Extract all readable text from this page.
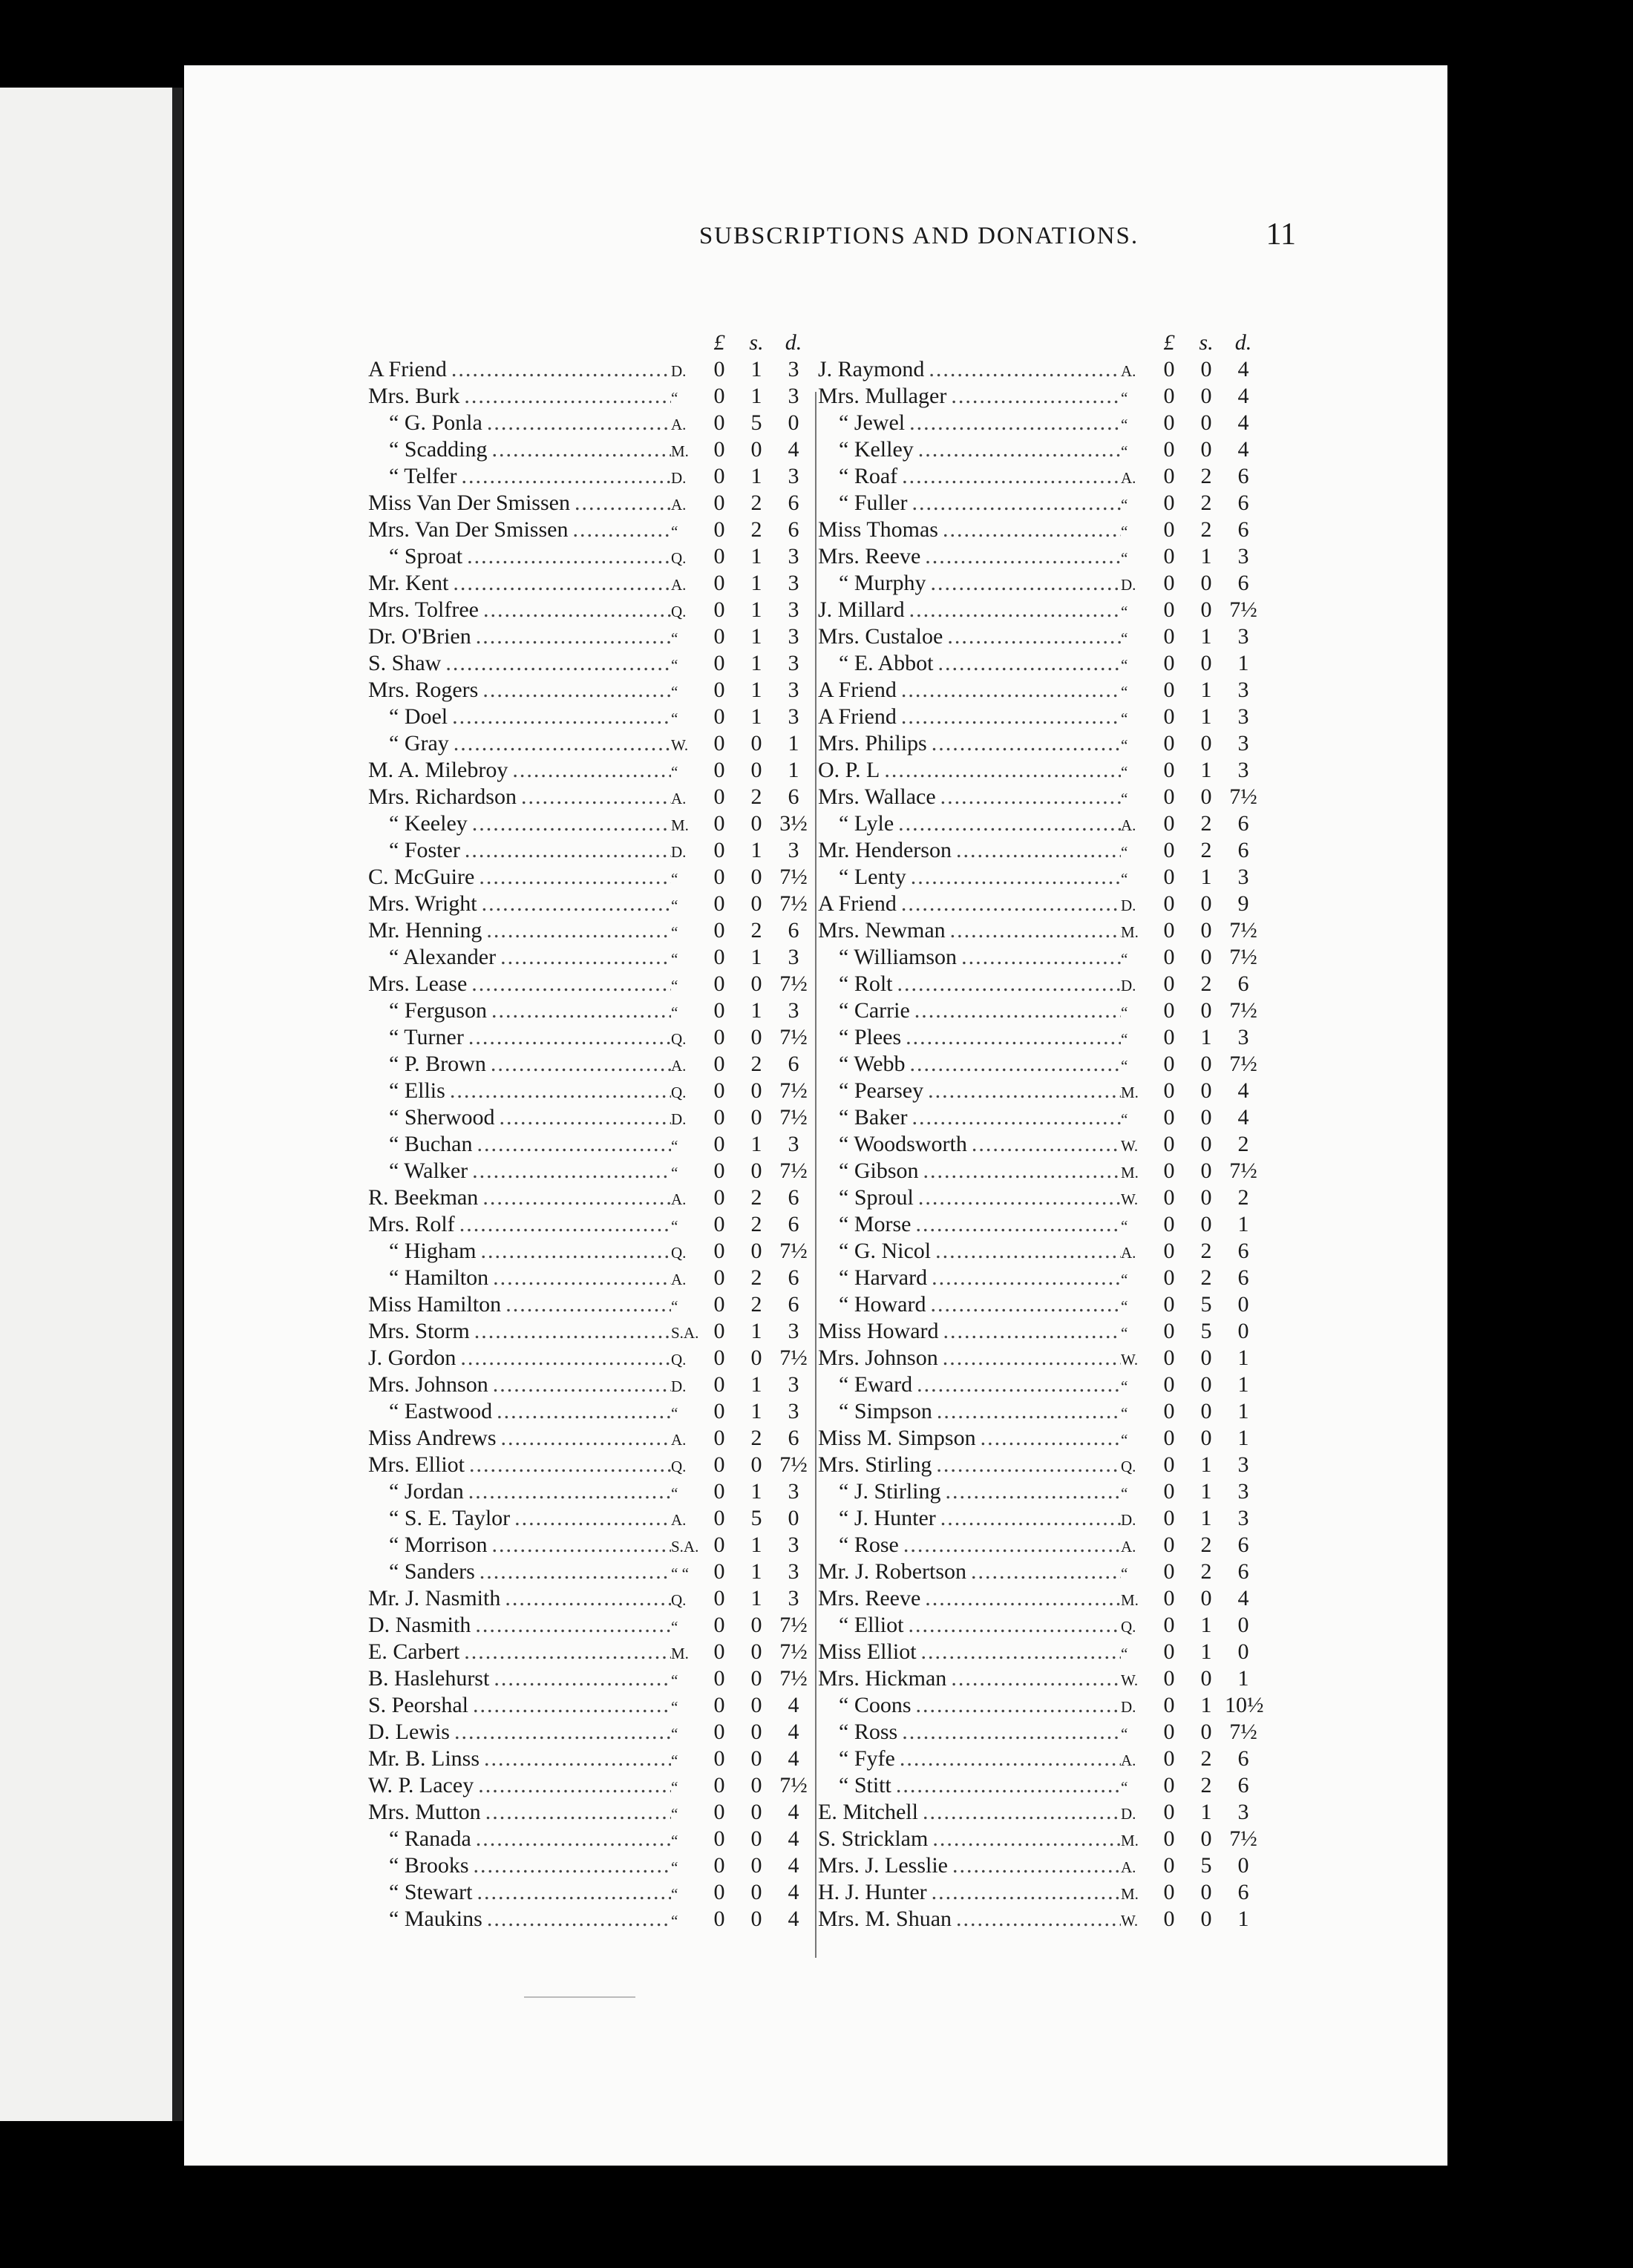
SUBSCRIPTIONS AND DONATIONS.	11
£	s. d.
A Friend .....	D.	0	1	3
Mrs. Burk .....	“	0	1	3
“ G. Ponla .....	A.	0	5	0
“ Scadding .....	M.	0	0	4
“ Telfer .....	D.	0	1	3
Miss Van Der Smissen .....	A.	0	2	6
Mrs. Van Der Smissen .....	“	0	2	6
“ Sproat .....	Q.	0	1	3
Mr. Kent .....	A.	0	1	3
Mrs. Tolfree .....	Q.	0	1	3
Dr. O'Brien .....	“	0	1	3
S. Shaw .....	“	0	1	3
Mrs. Rogers .....	“	0	1	3
“ Doel .....	“	0	1	3
“ Gray .....	W.	0	0	1
M. A. Milebroy .....	“	0	0	1
Mrs. Richardson .....	A.	0	2	6
“ Keeley .....	M.	0	0 3½
“ Foster .....	D.	0	1	3
C. McGuire .....	“	0	0 7½
Mrs. Wright .....	“	0	0 7½
Mr. Henning .....	“	0	2	6
“ Alexander .....	“	0	1	3
Mrs. Lease .....	“	0	0 7½
“ Ferguson .....	“	0	1	3
“ Turner .....	Q.	0	0 7½
“ P. Brown .....	A.	0	2	6
“ Ellis .....	Q.	0	0 7½
“ Sherwood .....	D.	0	0 7½
“ Buchan .....	“	0	1	3
“ Walker .....	“	0	0 7½
R. Beekman .....	A.	0	2	6
Mrs. Rolf .....	“	0	2	6
“ Higham .....	Q.	0	0 7½
“ Hamilton .....	A.	0	2	6
Miss Hamilton .....	“	0	2	6
Mrs. Storm .....	S.A. 0	1	3
J. Gordon .....	Q.	0	0 7½
Mrs. Johnson .....	D.	0	1	3
“ Eastwood .....	“	0	1	3
Miss Andrews .....	A.	0	2	6
Mrs. Elliot .....	Q.	0	0 7½
“ Jordan .....	“	0	1	3
“ S. E. Taylor .....	A.	0	5	0
“ Morrison .....	S.A. 0	1	3
“ Sanders .....	“ “	0	1	3
Mr. J. Nasmith .....	Q.	0	1	3
D. Nasmith .....	“	0	0 7½
E. Carbert .....	M.	0	0 7½
B. Haslehurst .....	“	0	0 7½
S. Peorshal .....	“	0	0	4
D. Lewis .....	“	0	0	4
Mr. B. Linss .....	“	0	0	4
W. P. Lacey .....	“	0	0 7½
Mrs. Mutton .....	“	0	0	4
“ Ranada .....	“	0	0	4
“ Brooks .....	“	0	0	4
“ Stewart .....	“	0	0	4
“ Maukins .....	“	0	0	4
£	s. d.
J. Raymond .....	A.	0	0	4
Mrs. Mullager .....	“	0	0	4
“ Jewel .....	“	0	0	4
“ Kelley .....	“	0	0	4
“ Roaf .....	A.	0	2	6
“ Fuller .....	“	0	2	6
Miss Thomas .....	“	0	2	6
Mrs. Reeve .....	“	0	1	3
“ Murphy .....	D.	0	0	6
J. Millard .....	“	0	0 7½
Mrs. Custaloe .....	“	0	1	3
“ E. Abbot .....	“	0	0	1
A Friend .....	“	0	1	3
A Friend .....	“	0	1	3
Mrs. Philips .....	“	0	0	3
O. P. L .....	“	0	1	3
Mrs. Wallace .....	“	0	0 7½
“ Lyle .....	A.	0	2	6
Mr. Henderson .....	“	0	2	6
“ Lenty .....	“	0	1	3
A Friend .....	D.	0	0	9
Mrs. Newman .....	M.	0	0 7½
“ Williamson .....	“	0	0 7½
“ Rolt .....	D.	0	2	6
“ Carrie .....	“	0	0 7½
“ Plees .....	“	0	1	3
“ Webb .....	“	0	0 7½
“ Pearsey .....	M.	0	0	4
“ Baker .....	“	0	0	4
“ Woodsworth .....	W.	0	0	2
“ Gibson .....	M.	0	0 7½
“ Sproul .....	W.	0	0	2
“ Morse .....	“	0	0	1
“ G. Nicol .....	A.	0	2	6
“ Harvard .....	“	0	2	6
“ Howard .....	“	0	5	0
Miss Howard .....	“	0	5	0
Mrs. Johnson .....	W.	0	0	1
“ Eward .....	“	0	0	1
“ Simpson .....	“	0	0	1
Miss M. Simpson .....	“	0	0	1
Mrs. Stirling .....	Q.	0	1	3
“ J. Stirling .....	“	0	1	3
“ J. Hunter .....	D.	0	1	3
“ Rose .....	A.	0	2	6
Mr. J. Robertson .....	“	0	2	6
Mrs. Reeve .....	M.	0	0	4
“ Elliot .....	Q.	0	1	0
Miss Elliot .....	“	0	1	0
Mrs. Hickman .....	W.	0	0	1
“ Coons .....	D.	0	1 10½
“ Ross .....	“	0	0 7½
“ Fyfe .....	A.	0	2	6
“ Stitt .....	“	0	2	6
E. Mitchell .....	D.	0	1	3
S. Stricklam .....	M.	0	0 7½
Mrs. J. Lesslie .....	A.	0	5	0
H. J. Hunter .....	M.	0	0	6
Mrs. M. Shuan .....	W.	0	0	1
